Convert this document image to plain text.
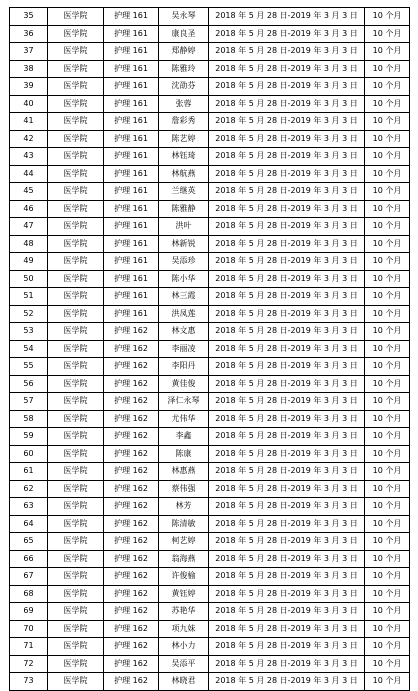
35	医学院	护理 161	吴永琴	2018 年 5 月 28 日-2019 年 3 月 3 日	10 个月
36	医学院	护理 161	康良圣	2018 年 5 月 28 日-2019 年 3 月 3 日	10 个月
37	医学院	护理 161	郑静婷	2018 年 5 月 28 日-2019 年 3 月 3 日	10 个月
38	医学院	护理 161	陈雅玲	2018 年 5 月 28 日-2019 年 3 月 3 日	10 个月
39	医学院	护理 161	沈劭芬	2018 年 5 月 28 日-2019 年 3 月 3 日	10 个月
40	医学院	护理 161	张蓉	2018 年 5 月 28 日-2019 年 3 月 3 日	10 个月
41	医学院	护理 161	詹彩秀	2018 年 5 月 28 日-2019 年 3 月 3 日	10 个月
42	医学院	护理 161	陈艺婷	2018 年 5 月 28 日-2019 年 3 月 3 日	10 个月
43	医学院	护理 161	林钰琦	2018 年 5 月 28 日-2019 年 3 月 3 日	10 个月
44	医学院	护理 161	林航燕	2018 年 5 月 28 日-2019 年 3 月 3 日	10 个月
45	医学院	护理 161	兰继英	2018 年 5 月 28 日-2019 年 3 月 3 日	10 个月
46	医学院	护理 161	陈雅静	2018 年 5 月 28 日-2019 年 3 月 3 日	10 个月
47	医学院	护理 161	洪叶	2018 年 5 月 28 日-2019 年 3 月 3 日	10 个月
48	医学院	护理 161	林新锐	2018 年 5 月 28 日-2019 年 3 月 3 日	10 个月
49	医学院	护理 161	吴添珍	2018 年 5 月 28 日-2019 年 3 月 3 日	10 个月
50	医学院	护理 161	陈小华	2018 年 5 月 28 日-2019 年 3 月 3 日	10 个月
51	医学院	护理 161	林三霞	2018 年 5 月 28 日-2019 年 3 月 3 日	10 个月
52	医学院	护理 161	洪凤莲	2018 年 5 月 28 日-2019 年 3 月 3 日	10 个月
53	医学院	护理 162	林文惠	2018 年 5 月 28 日-2019 年 3 月 3 日	10 个月
54	医学院	护理 162	李丽凌	2018 年 5 月 28 日-2019 年 3 月 3 日	10 个月
55	医学院	护理 162	李阳丹	2018 年 5 月 28 日-2019 年 3 月 3 日	10 个月
56	医学院	护理 162	黄佳俊	2018 年 5 月 28 日-2019 年 3 月 3 日	10 个月
57	医学院	护理 162	泽仁永琴	2018 年 5 月 28 日-2019 年 3 月 3 日	10 个月
58	医学院	护理 162	尤伟华	2018 年 5 月 28 日-2019 年 3 月 3 日	10 个月
59	医学院	护理 162	李鑫	2018 年 5 月 28 日-2019 年 3 月 3 日	10 个月
60	医学院	护理 162	陈康	2018 年 5 月 28 日-2019 年 3 月 3 日	10 个月
61	医学院	护理 162	林惠燕	2018 年 5 月 28 日-2019 年 3 月 3 日	10 个月
62	医学院	护理 162	蔡伟强	2018 年 5 月 28 日-2019 年 3 月 3 日	10 个月
63	医学院	护理 162	林芳	2018 年 5 月 28 日-2019 年 3 月 3 日	10 个月
64	医学院	护理 162	陈清敏	2018 年 5 月 28 日-2019 年 3 月 3 日	10 个月
65	医学院	护理 162	柯艺婷	2018 年 5 月 28 日-2019 年 3 月 3 日	10 个月
66	医学院	护理 162	翁海燕	2018 年 5 月 28 日-2019 年 3 月 3 日	10 个月
67	医学院	护理 162	许俊榆	2018 年 5 月 28 日-2019 年 3 月 3 日	10 个月
68	医学院	护理 162	黄钰婷	2018 年 5 月 28 日-2019 年 3 月 3 日	10 个月
69	医学院	护理 162	苏艳华	2018 年 5 月 28 日-2019 年 3 月 3 日	10 个月
70	医学院	护理 162	项九妹	2018 年 5 月 28 日-2019 年 3 月 3 日	10 个月
71	医学院	护理 162	林小力	2018 年 5 月 28 日-2019 年 3 月 3 日	10 个月
72	医学院	护理 162	吴添平	2018 年 5 月 28 日-2019 年 3 月 3 日	10 个月
73	医学院	护理 162	林晓君	2018 年 5 月 28 日-2019 年 3 月 3 日	10 个月
